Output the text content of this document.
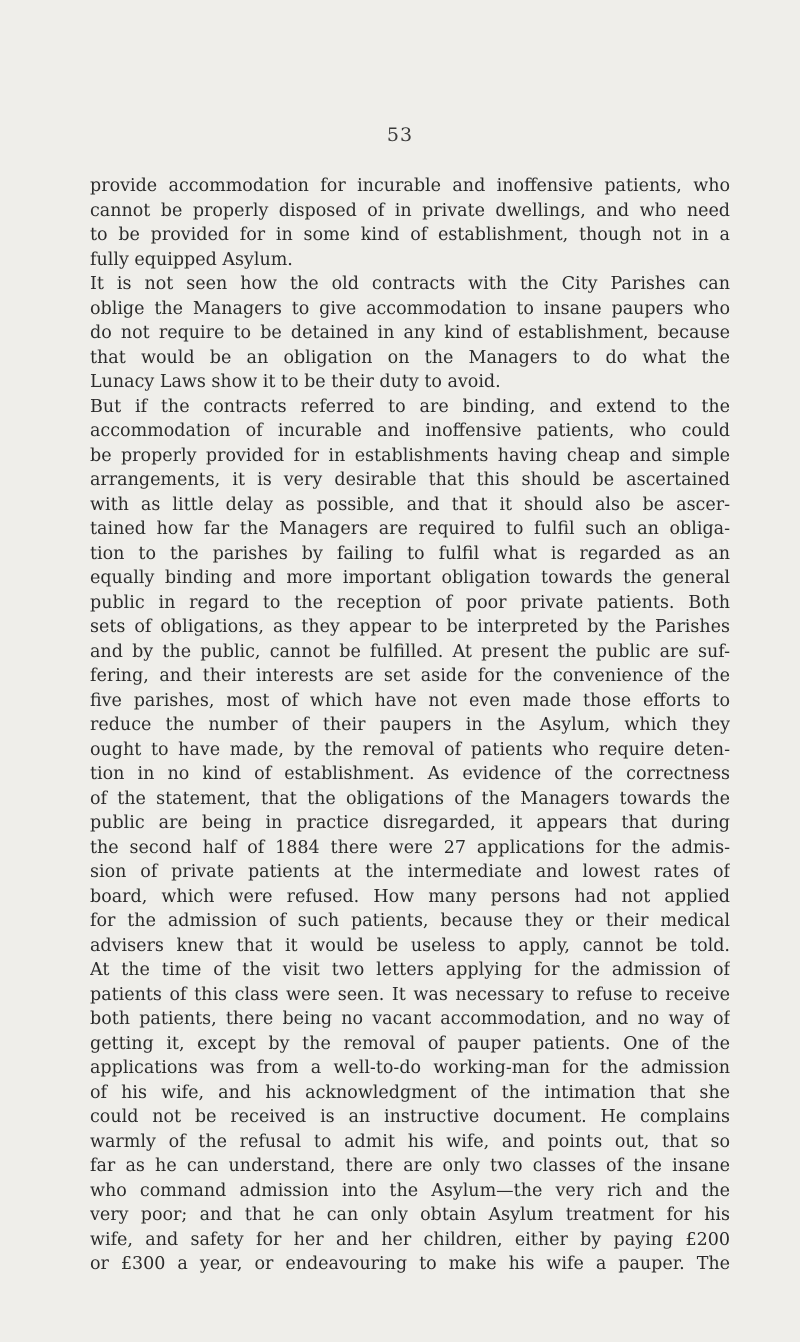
53
provide accommodation for incurable and inoffensive patients, who
cannot be properly disposed of in private dwellings, and who need
to be provided for in some kind of establishment, though not in a
fully equipped Asylum.
It is not seen how the old contracts with the City Parishes can
oblige the Managers to give accommodation to insane paupers who
do not require to be detained in any kind of establishment, because
that would be an obligation on the Managers to do what the
Lunacy Laws show it to be their duty to avoid.
But if the contracts referred to are binding, and extend to the
accommodation of incurable and inoffensive patients, who could
be properly provided for in establishments having cheap and simple
arrangements, it is very desirable that this should be ascertained
with as little delay as possible, and that it should also be ascer-
tained how far the Managers are required to fulfil such an obliga-
tion to the parishes by failing to fulfil what is regarded as an
equally binding and more important obligation towards the general
public in regard to the reception of poor private patients. Both
sets of obligations, as they appear to be interpreted by the Parishes
and by the public, cannot be fulfilled. At present the public are suf-
fering, and their interests are set aside for the convenience of the
five parishes, most of which have not even made those efforts to
reduce the number of their paupers in the Asylum, which they
ought to have made, by the removal of patients who require deten-
tion in no kind of establishment. As evidence of the correctness
of the statement, that the obligations of the Managers towards the
public are being in practice disregarded, it appears that during
the second half of 1884 there were 27 applications for the admis-
sion of private patients at the intermediate and lowest rates of
board, which were refused. How many persons had not applied
for the admission of such patients, because they or their medical
advisers knew that it would be useless to apply, cannot be told.
At the time of the visit two letters applying for the admission of
patients of this class were seen. It was necessary to refuse to receive
both patients, there being no vacant accommodation, and no way of
getting it, except by the removal of pauper patients. One of the
applications was from a well-to-do working-man for the admission
of his wife, and his acknowledgment of the intimation that she
could not be received is an instructive document. He complains
warmly of the refusal to admit his wife, and points out, that so
far as he can understand, there are only two classes of the insane
who command admission into the Asylum—the very rich and the
very poor; and that he can only obtain Asylum treatment for his
wife, and safety for her and her children, either by paying £200
or £300 a year, or endeavouring to make his wife a pauper. The
